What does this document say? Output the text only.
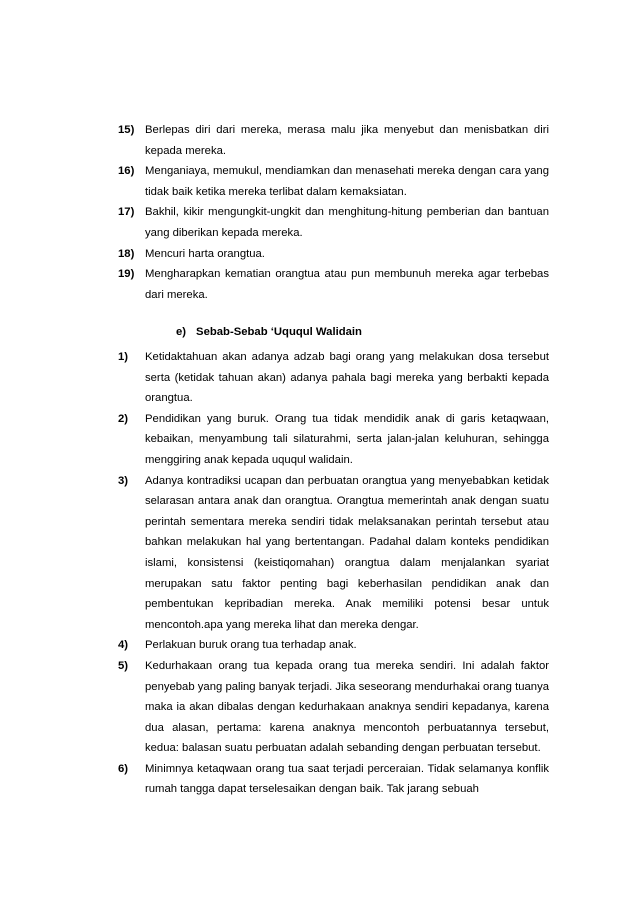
15) Berlepas diri dari mereka, merasa malu jika menyebut dan menisbatkan diri kepada mereka.
16) Menganiaya, memukul, mendiamkan dan menasehati mereka dengan cara yang tidak baik ketika mereka terlibat dalam kemaksiatan.
17) Bakhil, kikir mengungkit-ungkit dan menghitung-hitung pemberian dan bantuan yang diberikan kepada mereka.
18) Mencuri harta orangtua.
19) Mengharapkan kematian orangtua atau pun membunuh mereka agar terbebas dari mereka.
e) Sebab-Sebab ‘Uququl Walidain
1) Ketidaktahuan akan adanya adzab bagi orang yang melakukan dosa tersebut serta (ketidak tahuan akan) adanya pahala bagi mereka yang berbakti kepada orangtua.
2) Pendidikan yang buruk. Orang tua tidak mendidik anak di garis ketaqwaan, kebaikan, menyambung tali silaturahmi, serta jalan-jalan keluhuran, sehingga menggiring anak kepada uququl walidain.
3) Adanya kontradiksi ucapan dan perbuatan orangtua yang menyebabkan ketidak selarasan antara anak dan orangtua. Orangtua memerintah anak dengan suatu perintah sementara mereka sendiri tidak melaksanakan perintah tersebut atau bahkan melakukan hal yang bertentangan. Padahal dalam konteks pendidikan islami, konsistensi (keistiqomahan) orangtua dalam menjalankan syariat merupakan satu faktor penting bagi keberhasilan pendidikan anak dan pembentukan kepribadian mereka. Anak memiliki potensi besar untuk mencontoh.apa yang mereka lihat dan mereka dengar.
4) Perlakuan buruk orang tua terhadap anak.
5) Kedurhakaan orang tua kepada orang tua mereka sendiri. Ini adalah faktor penyebab yang paling banyak terjadi. Jika seseorang mendurhakai orang tuanya maka ia akan dibalas dengan kedurhakaan anaknya sendiri kepadanya, karena dua alasan, pertama: karena anaknya mencontoh perbuatannya tersebut, kedua: balasan suatu perbuatan adalah sebanding dengan perbuatan tersebut.
6) Minimnya ketaqwaan orang tua saat terjadi perceraian. Tidak selamanya konflik rumah tangga dapat terselesaikan dengan baik. Tak jarang sebuah
